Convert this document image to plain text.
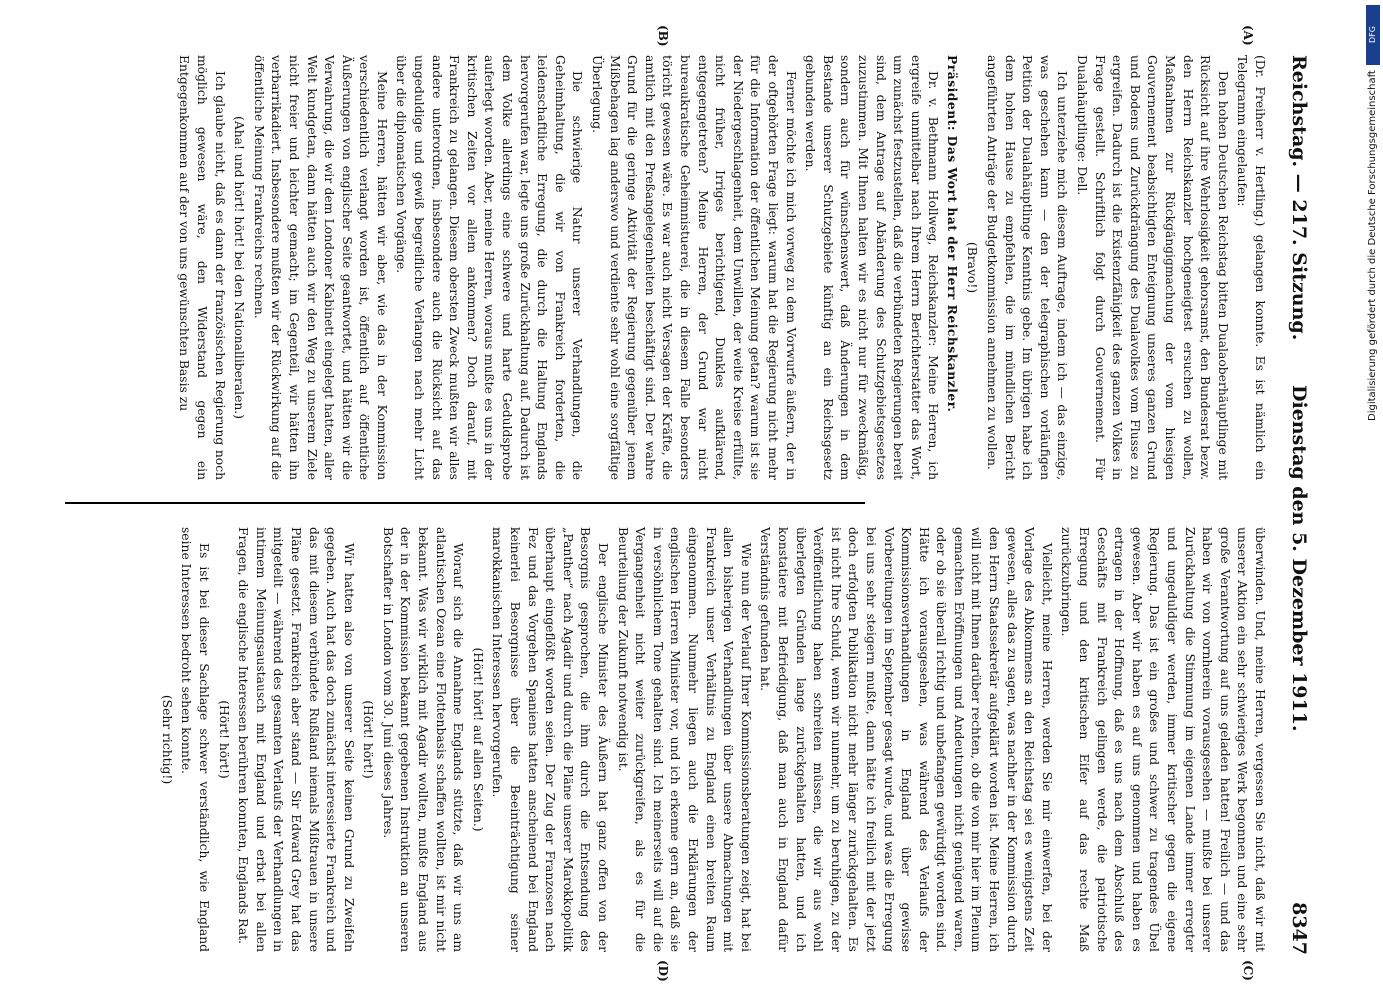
Reichstag. — 217. Sitzung.
Dienstag den 5. Dezember 1911.
8347
(A)
(B)
(C)
(D)

(Dr. Freiherr v. Hertling.) gelangen konnte. Es ist nämlich ein Telegramm eingelaufen:

Den hohen Deutschen Reichstag bitten Dualaoberhäuptlinge mit Rücksicht auf ihre Wehrlosigkeit gehorsamst, den Bundesrat bezw. den Herrn Reichskanzler hochgeneigtest ersuchen zu wollen, Maßnahmen zur Rückgängigmachung der vom hiesigen Gouvernement beabsichtigten Enteignung unseres ganzen Grund und Bodens und Zurückdrängung des Dualavolkes vom Flusse zu ergreifen. Dadurch ist die Existenzfähigkeit des ganzen Volkes in Frage gestellt. Schriftlich folgt durch Gouvernement. Für Dualahäuptlinge: Dell.

Ich unterziehe mich diesem Auftrage, indem ich — das einzige, was geschehen kann — den der telegraphischen vorläufigen Petition der Dualahäuptlinge Kenntnis gebe. Im übrigen habe ich dem hohen Hause zu empfehlen, die im mündlichen Bericht angeführten Anträge der Budgetkommission annehmen zu wollen.

(Bravo!)

Präsident: Das Wort hat der Herr Reichskanzler.

Dr. v. Bethmann Hollweg, Reichskanzler: Meine Herren, ich ergreife unmittelbar nach Ihrem Herrn Berichterstatter das Wort, um zunächst festzustellen, daß die verbündeten Regierungen bereit sind, dem Antrage auf Abänderung des Schutzgebietsgesetzes zuzustimmen. Mit Ihnen halten wir es nicht nur für zweckmäßig, sondern auch für wünschenswert, daß Änderungen in dem Bestande unserer Schutzgebiete künftig an ein Reichsgesetz gebunden werden.

Ferner möchte ich mich vorweg zu dem Vorwurfe äußern, der in der oftgehörten Frage liegt: warum hat die Regierung nicht mehr für die Information der öffentlichen Meinung getan? warum ist sie der Niedergeschlagenheit, dem Unwillen, der weite Kreise erfüllte, nicht früher, Irriges berichtigend, Dunkles aufklärend, entgegengetreten? Meine Herren, der Grund war nicht bureaukratische Geheimnistuerei, die in diesem Falle besonders töricht gewesen wäre. Es war auch nicht Versagen der Kräfte, die amtlich mit den Preßangelegenheiten beschäftigt sind. Der wahre Grund für die geringe Aktivität der Regierung gegenüber jenem Mißbehagen lag anderswo und verdiente sehr wohl eine sorgfältige Überlegung.

Die schwierige Natur unserer Verhandlungen, die Geheimhaltung, die wir von Frankreich forderten, die leidenschaftliche Erregung, die durch die Haltung Englands hervorgerufen war, legte uns große Zurückhaltung auf. Dadurch ist dem Volke allerdings eine schwere und harte Geduldsprobe auferlegt worden. Aber, meine Herren, woraus mußte es uns in der kritischen Zeiten vor allem ankommen? Doch darauf, mit Frankreich zu gelangen. Diesem obersten Zweck mußten wir alles andere unterordnen, insbesondere auch die Rücksicht auf das ungeduldige und gewiß begreifliche Verlangen nach mehr Licht über die diplomatischen Vorgänge.

Meine Herren, hätten wir aber, wie das in der Kommission verschiedentlich verlangt worden ist, öffentlich auf öffentliche Äußerungen von englischer Seite geantwortet, und hätten wir die Verwahrung, die wir dem Londoner Kabinett eingelegt hatten, aller Welt kundgetan, dann hätten auch wir den Weg zu unserem Ziele nicht freier und leichter gemacht; im Gegenteil, wir hätten ihn verbarrikadiert. Insbesondere mußten wir der Rückwirkung auf die öffentliche Meinung Frankreichs rechnen.

(Aha! und hört! hört! bei den Nationalliberalen.)

Ich glaube nicht, daß es dann der französischen Regierung noch möglich gewesen wäre, den Widerstand gegen ein Entgegenkommen auf der von uns gewünschten Basis zu

überwinden. Und, meine Herren, vergessen Sie nicht, daß wir mit unserer Aktion ein sehr schwieriges Werk begonnen und eine sehr große Verantwortung auf uns geladen hatten! Freilich — und das haben wir von vornherein vorausgesehen — mußte bei unserer Zurückhaltung die Stimmung im eigenen Lande immer erregter und ungeduldiger werden, immer kritischer gegen die eigene Regierung. Das ist ein großes und schwer zu tragendes Übel gewesen. Aber wir haben es auf uns genommen und haben es ertragen in der Hoffnung, daß es uns nach dem Abschluß des Geschäfts mit Frankreich gelingen werde, die patriotische Erregung und den kritischen Eifer auf das rechte Maß zurückzubringen.

Vielleicht, meine Herren, werden Sie mir einwerfen, bei der Vorlage des Abkommens an den Reichstag sei es wenigstens Zeit gewesen, alles das zu sagen, was nachher in der Kommission durch den Herrn Staatssekretär aufgeklärt worden ist. Meine Herren, ich will nicht mit Ihnen darüber rechten, ob die von mir hier im Plenum gemachten Eröffnungen und Andeutungen nicht genügend waren, oder ob sie überall richtig und unbefangen gewürdigt worden sind. Hätte ich vorausgesehen, was während des Verlaufs der Kommissionsverhandlungen in England über gewisse Vorbereitungen im September gesagt wurde, und was die Erregung bei uns sehr steigern mußte, dann hätte ich freilich mit der jetzt doch erfolgten Publikation nicht mehr länger zurückgehalten. Es ist nicht Ihre Schuld, wenn wir nunmehr, um zu beruhigen, zu der Veröffentlichung haben schreiten müssen, die wir aus wohl überlegten Gründen lange zurückgehalten hatten, und ich konstatiere mit Befriedigung, daß man auch in England dafür Verständnis gefunden hat.

Wie nun der Verlauf Ihrer Kommissionsberatungen zeigt, hat bei allen bisherigen Verhandlungen über unsere Abmachungen mit Frankreich unser Verhältnis zu England einen breiten Raum eingenommen. Nunmehr liegen auch die Erklärungen der englischen Herren Minister vor, und ich erkenne gern an, daß sie in versöhnlichem Tone gehalten sind. Ich meinerseits will auf die Vergangenheit nicht weiter zurückgreifen, als es für die Beurteilung der Zukunft notwendig ist.

Der englische Minister des Äußern hat ganz offen von der Besorgnis gesprochen, die ihm durch die Entsendung des „Panther“ nach Agadir und durch die Pläne unserer Marokkopolitik überhaupt eingeflößt worden seien. Der Zug der Franzosen nach Fez und das Vorgehen Spaniens hatten anscheinend bei England keinerlei Besorgnisse über die Beeinträchtigung seiner marokkanischen Interessen hervorgerufen.

(Hört! hört! auf allen Seiten.)

Worauf sich die Annahme Englands stützte, daß wir uns am atlantischen Ozean eine Flottenbasis schaffen wollten, ist mir nicht bekannt. Was wir wirklich mit Agadir wollten, mußte England aus der in der Kommission bekannt gegebenen Instruktion an unseren Botschafter in London vom 30. Juni dieses Jahres.

(Hört! hört!)

Wir hatten also von unserer Seite keinen Grund zu Zweifeln gegeben. Auch hat das doch zunächst interessierte Frankreich und das mit diesem verbündete Rußland niemals Mißtrauen in unsere Pläne gesetzt. Frankreich aber stand — Sir Edward Grey hat das mitgeteilt — während des gesamten Verlaufs der Verhandlungen in intimem Meinungsaustausch mit England und erbat bei allen Fragen, die englische Interessen berühren konnten, Englands Rat.

(Hört! hört!)

Es ist bei dieser Sachlage schwer verständlich, wie England seine Interessen bedroht sehen konnte.

(Sehr richtig!)

DFG
Digitalisierung gefördert durch die Deutsche Forschungsgemeinschaft
